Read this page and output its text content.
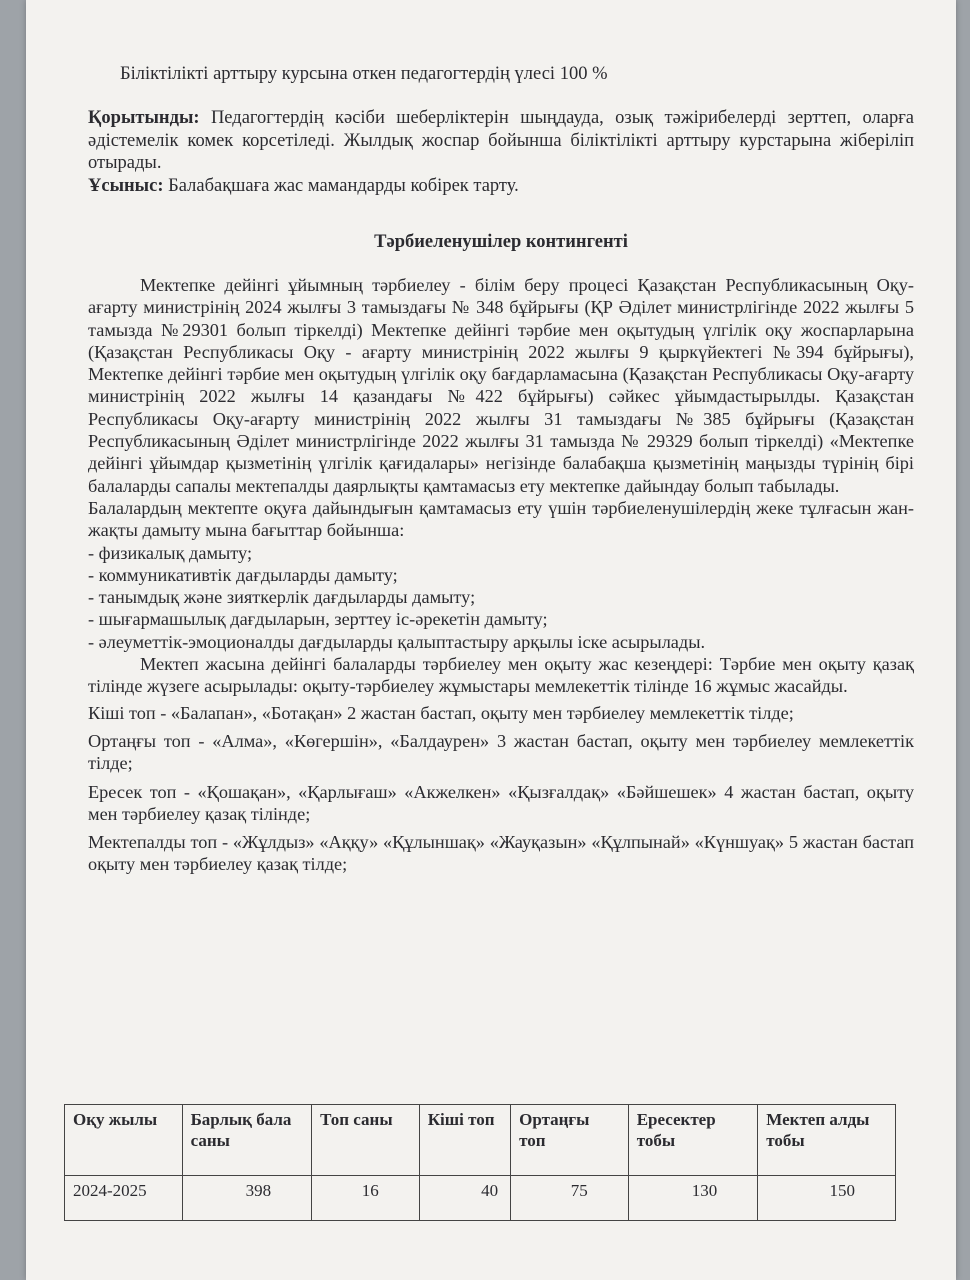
Біліктілікті арттыру курсына откен педагогтердің үлесі 100 %

Қорытынды: Педагогтердің кәсіби шеберліктерін шыңдауда, озық тәжірибелерді зерттеп, оларға әдістемелік комек корсетіледі. Жылдық жоспар бойынша біліктілікті арттыру курстарына жіберіліп отырады.

Ұсыныс: Балабақшаға жас мамандарды кобірек тарту.

Тәрбиеленушілер контингенті

Мектепке дейінгі ұйымның тәрбиелеу - білім беру процесі Қазақстан Республикасының Оқу- ағарту министрінің 2024 жылғы 3 тамыздағы № 348 бұйрығы (ҚР Әділет министрлігінде 2022 жылғы 5 тамызда №29301 болып тіркелді) Мектепке дейінгі тәрбие мен оқытудың үлгілік оқу жоспарларына (Қазақстан Республикасы Оқу - ағарту министрінің 2022 жылғы 9 қыркүйектегі №394 бұйрығы), Мектепке дейінгі тәрбие мен оқытудың үлгілік оқу бағдарламасына (Қазақстан Республикасы Оқу-ағарту министрінің 2022 жылғы 14 қазандағы №422 бұйрығы) сәйкес ұйымдастырылды. Қазақстан Республикасы Оқу-ағарту министрінің 2022 жылғы 31 тамыздағы №385 бұйрығы (Қазақстан Республикасының Әділет министрлігінде 2022 жылғы 31 тамызда № 29329 болып тіркелді) «Мектепке дейінгі ұйымдар қызметінің үлгілік қағидалары» негізінде балабақша қызметінің маңызды түрінің бірі балаларды сапалы мектепалды даярлықты қамтамасыз ету мектепке дайындау болып табылады.

Балалардың мектепте оқуға дайындығын қамтамасыз ету үшін тәрбиеленушілердің жеке тұлғасын жан-жақты дамыту мына бағыттар бойынша:

- физикалық дамыту;
- коммуникативтік дағдыларды дамыту;
- танымдық және зияткерлік дағдыларды дамыту;
- шығармашылық дағдыларын, зерттеу іс-әрекетін дамыту;
- әлеуметтік-эмоционалды дағдыларды қалыптастыру арқылы іске асырылады.

Мектеп жасына дейінгі балаларды тәрбиелеу мен оқыту жас кезеңдері: Тәрбие мен оқыту қазақ тілінде жүзеге асырылады: оқыту-тәрбиелеу жұмыстары мемлекеттік тілінде 16 жұмыс жасайды.

Кіші топ - «Балапан», «Ботақан» 2 жастан бастап, оқыту мен тәрбиелеу мемлекеттік тілде;

Ортаңғы топ - «Алма», «Көгершін», «Балдаурен» 3 жастан бастап, оқыту мен тәрбиелеу мемлекеттік тілде;

Ересек топ - «Қошақан», «Қарлығаш» «Акжелкен» «Қызғалдақ» «Бәйшешек» 4 жастан бастап, оқыту мен тәрбиелеу қазақ тілінде;

Мектепалды топ - «Жұлдыз» «Аққу» «Құлыншақ» «Жауқазын» «Құлпынай» «Күншуақ» 5 жастан бастап оқыту мен тәрбиелеу қазақ тілде;

Оқу жылы	Барлық бала саны	Топ саны	Кіші топ	Ортаңғы топ	Ересектер тобы	Мектеп алды тобы
2024-2025	398	16	40	75	130	150
